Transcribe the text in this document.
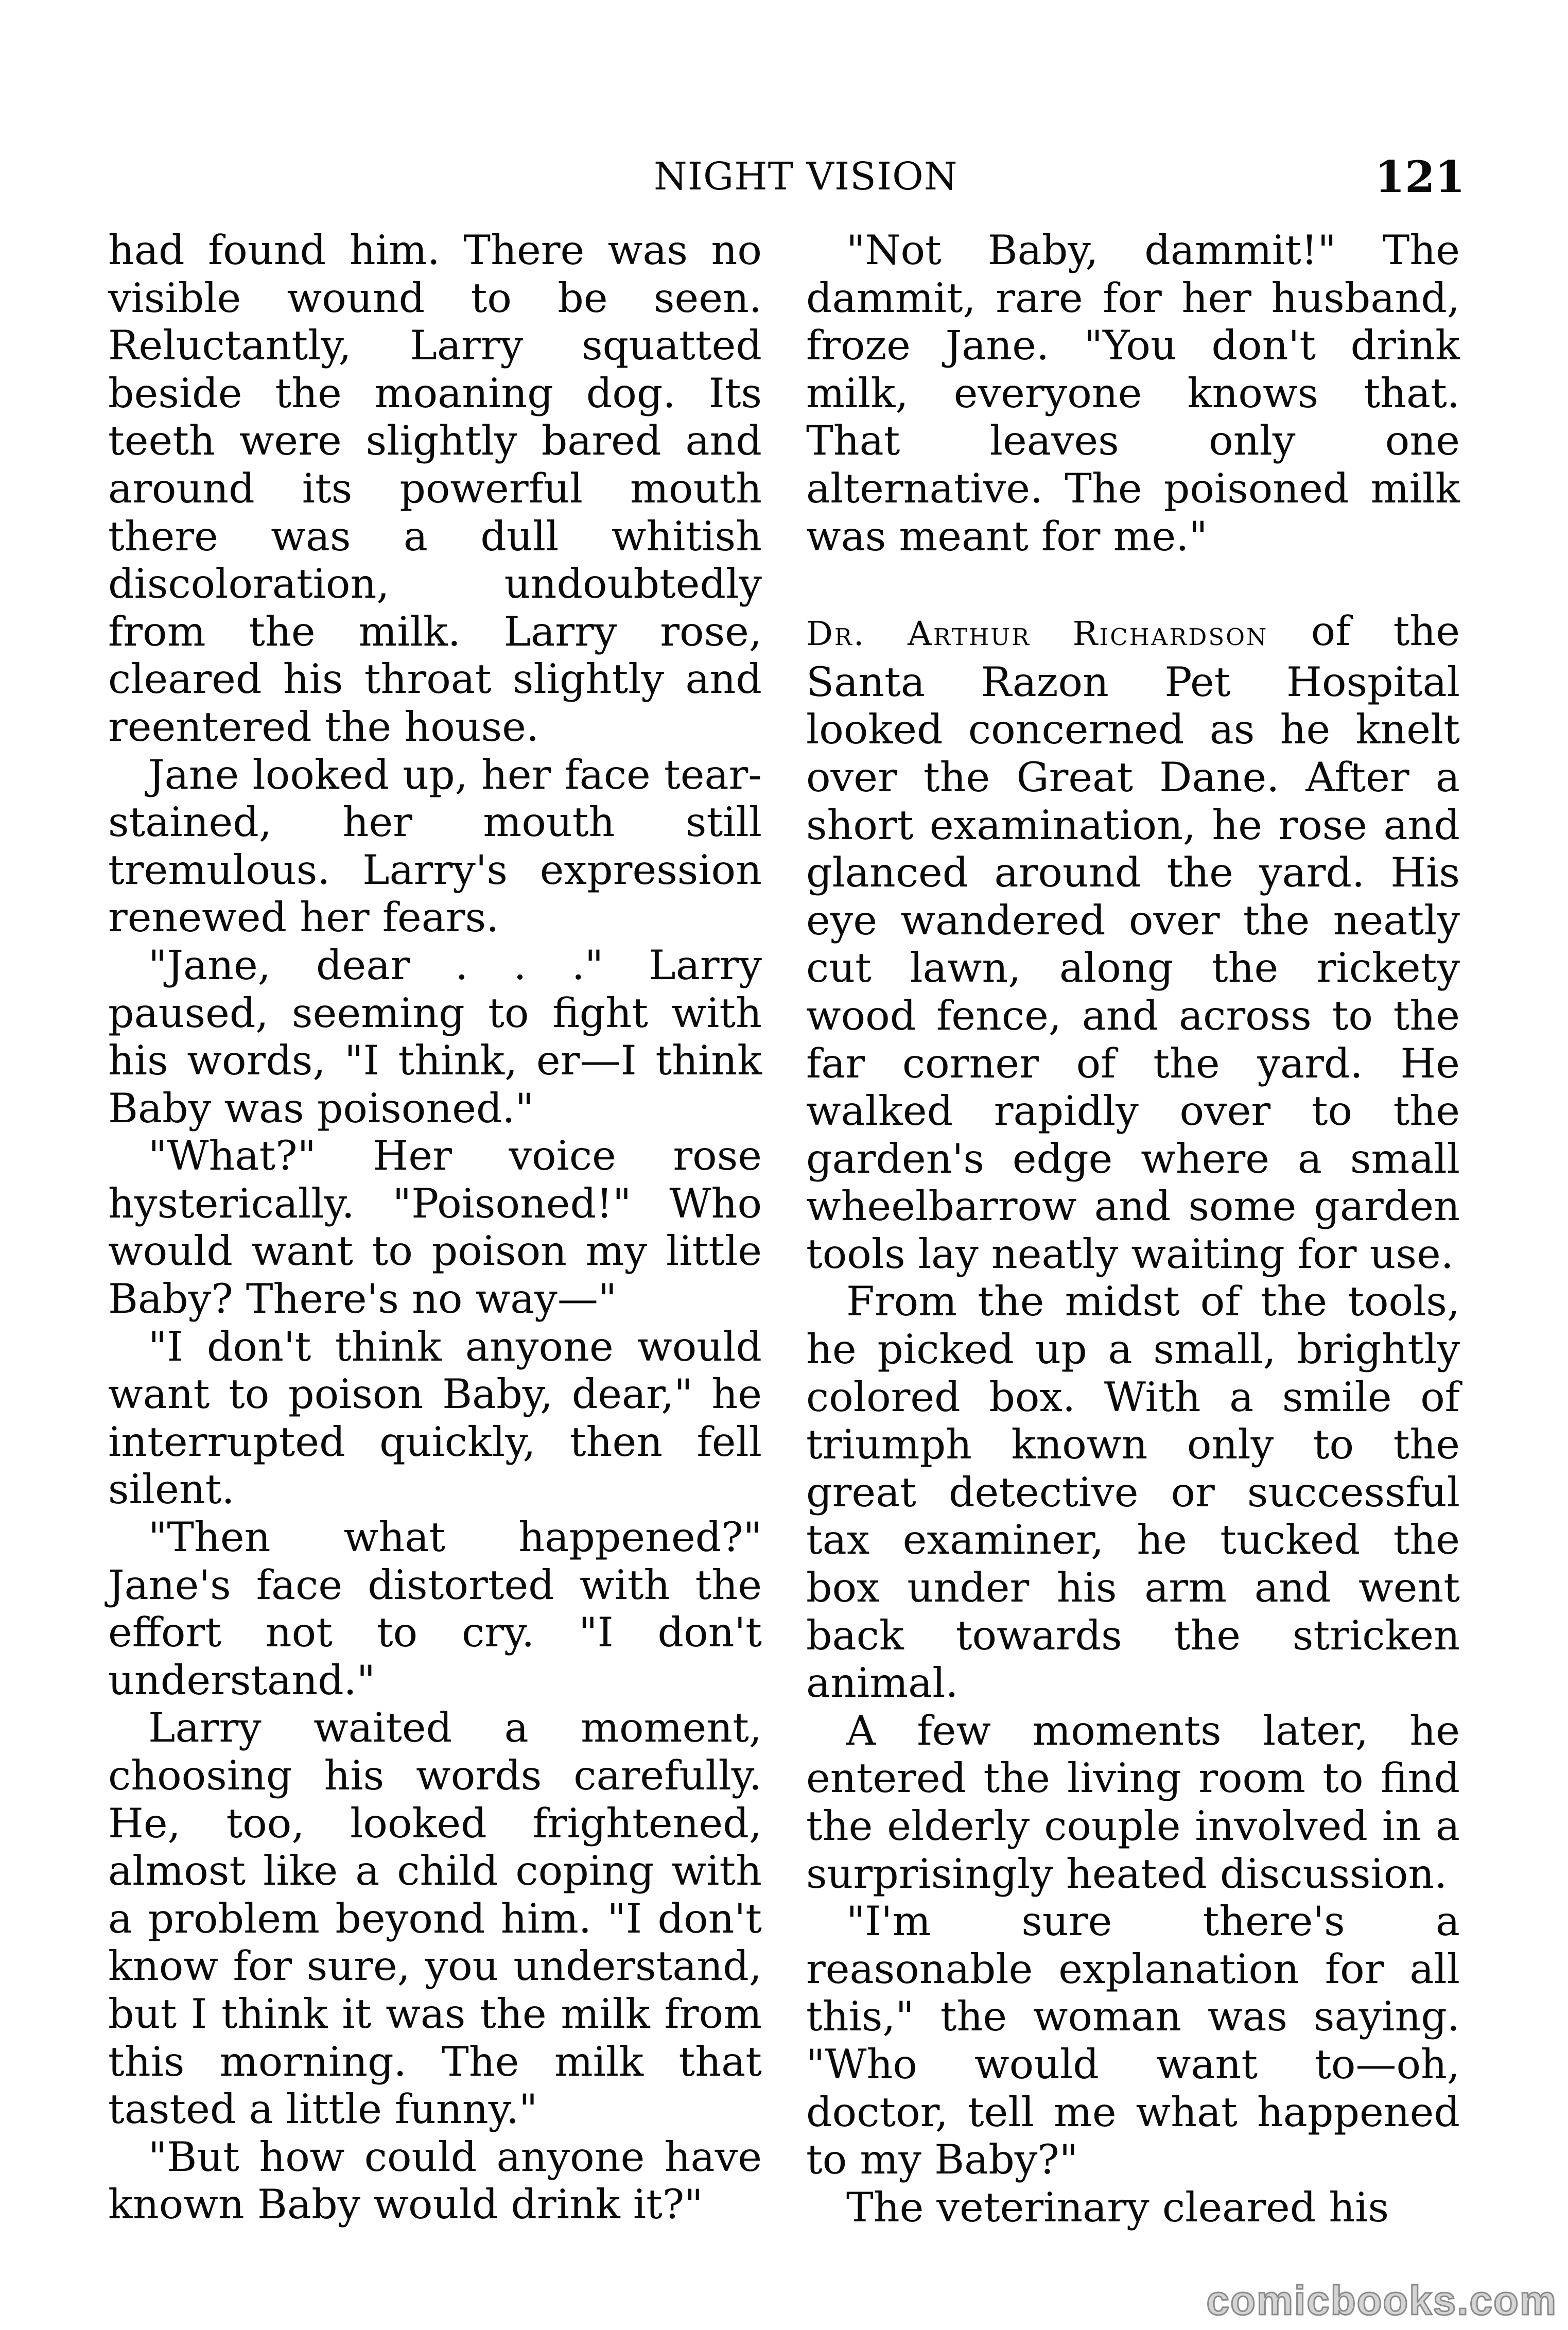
NIGHT VISION	121

had found him. There was no visible wound to be seen. Reluctantly, Larry squatted beside the moaning dog. Its teeth were slightly bared and around its powerful mouth there was a dull whitish discoloration, undoubtedly from the milk. Larry rose, cleared his throat slightly and reentered the house.

Jane looked up, her face tear-stained, her mouth still tremulous. Larry's expression renewed her fears.

"Jane, dear . . ." Larry paused, seeming to fight with his words, "I think, er—I think Baby was poisoned."

"What?" Her voice rose hysterically. "Poisoned!" Who would want to poison my little Baby? There's no way—"

"I don't think anyone would want to poison Baby, dear," he interrupted quickly, then fell silent.

"Then what happened?" Jane's face distorted with the effort not to cry. "I don't understand."

Larry waited a moment, choosing his words carefully. He, too, looked frightened, almost like a child coping with a problem beyond him. "I don't know for sure, you understand, but I think it was the milk from this morning. The milk that tasted a little funny."

"But how could anyone have known Baby would drink it?"

"Not Baby, dammit!" The dammit, rare for her husband, froze Jane. "You don't drink milk, everyone knows that. That leaves only one alternative. The poisoned milk was meant for me."

Dr. Arthur Richardson of the Santa Razon Pet Hospital looked concerned as he knelt over the Great Dane. After a short examination, he rose and glanced around the yard. His eye wandered over the neatly cut lawn, along the rickety wood fence, and across to the far corner of the yard. He walked rapidly over to the garden's edge where a small wheelbarrow and some garden tools lay neatly waiting for use.

From the midst of the tools, he picked up a small, brightly colored box. With a smile of triumph known only to the great detective or successful tax examiner, he tucked the box under his arm and went back towards the stricken animal.

A few moments later, he entered the living room to find the elderly couple involved in a surprisingly heated discussion.

"I'm sure there's a reasonable explanation for all this," the woman was saying. "Who would want to—oh, doctor, tell me what happened to my Baby?"

The veterinary cleared his

comicbooks.com
